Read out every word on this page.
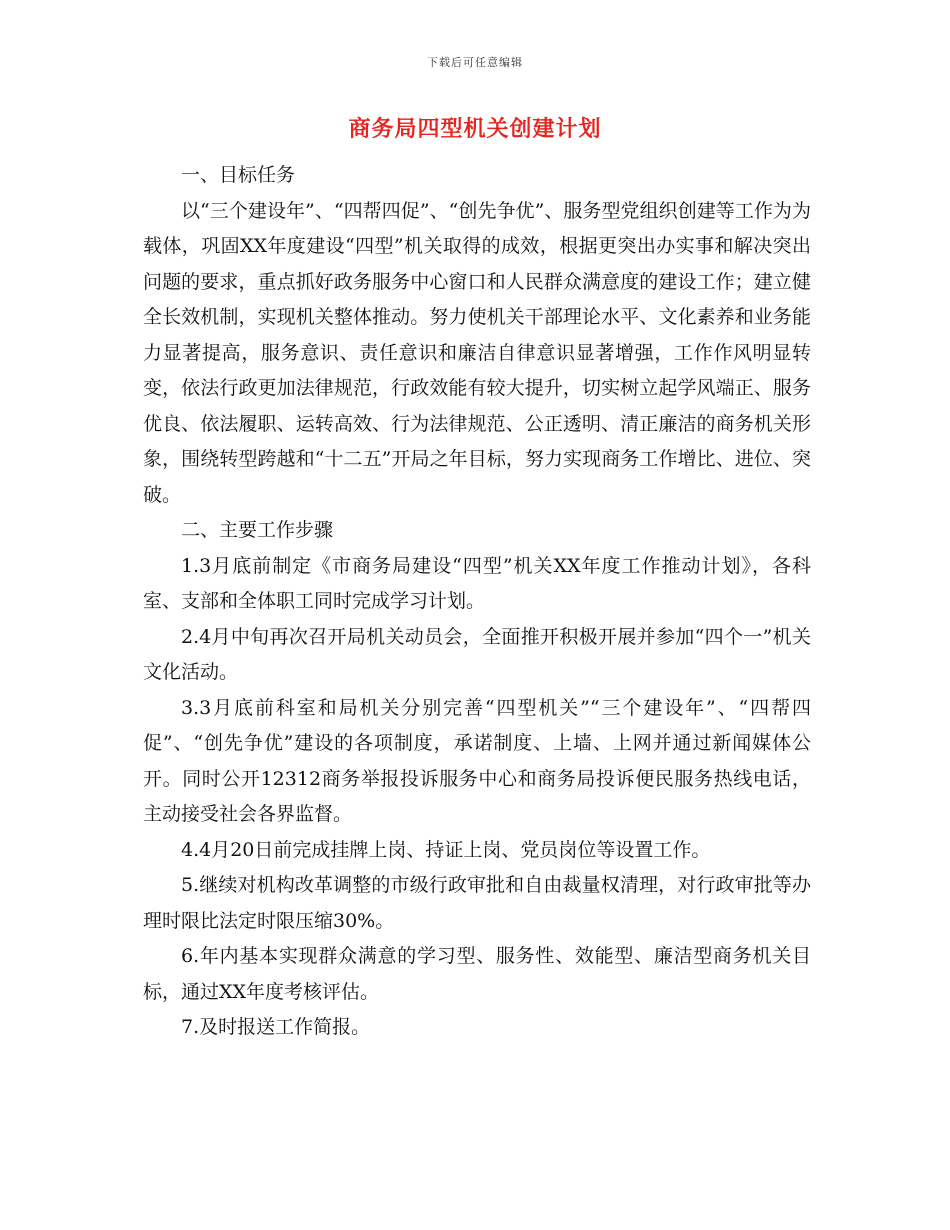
下载后可任意编辑
商务局四型机关创建计划

一、目标任务

以“三个建设年”、“四帮四促”、“创先争优”、服务型党组织创建等工作为为载体，巩固XX年度建设“四型”机关取得的成效，根据更突出办实事和解决突出问题的要求，重点抓好政务服务中心窗口和人民群众满意度的建设工作；建立健全长效机制，实现机关整体推动。努力使机关干部理论水平、文化素养和业务能力显著提高，服务意识、责任意识和廉洁自律意识显著增强，工作作风明显转变，依法行政更加法律规范，行政效能有较大提升，切实树立起学风端正、服务优良、依法履职、运转高效、行为法律规范、公正透明、清正廉洁的商务机关形象，围绕转型跨越和“十二五”开局之年目标，努力实现商务工作增比、进位、突破。

二、主要工作步骤

1.3月底前制定《市商务局建设“四型”机关XX年度工作推动计划》，各科室、支部和全体职工同时完成学习计划。

2.4月中旬再次召开局机关动员会，全面推开积极开展并参加“四个一”机关文化活动。

3.3月底前科室和局机关分别完善“四型机关”“三个建设年”、“四帮四促”、“创先争优”建设的各项制度，承诺制度、上墙、上网并通过新闻媒体公开。同时公开12312商务举报投诉服务中心和商务局投诉便民服务热线电话，主动接受社会各界监督。

4.4月20日前完成挂牌上岗、持证上岗、党员岗位等设置工作。

5.继续对机构改革调整的市级行政审批和自由裁量权清理，对行政审批等办理时限比法定时限压缩30%。

6.年内基本实现群众满意的学习型、服务性、效能型、廉洁型商务机关目标，通过XX年度考核评估。

7.及时报送工作简报。
